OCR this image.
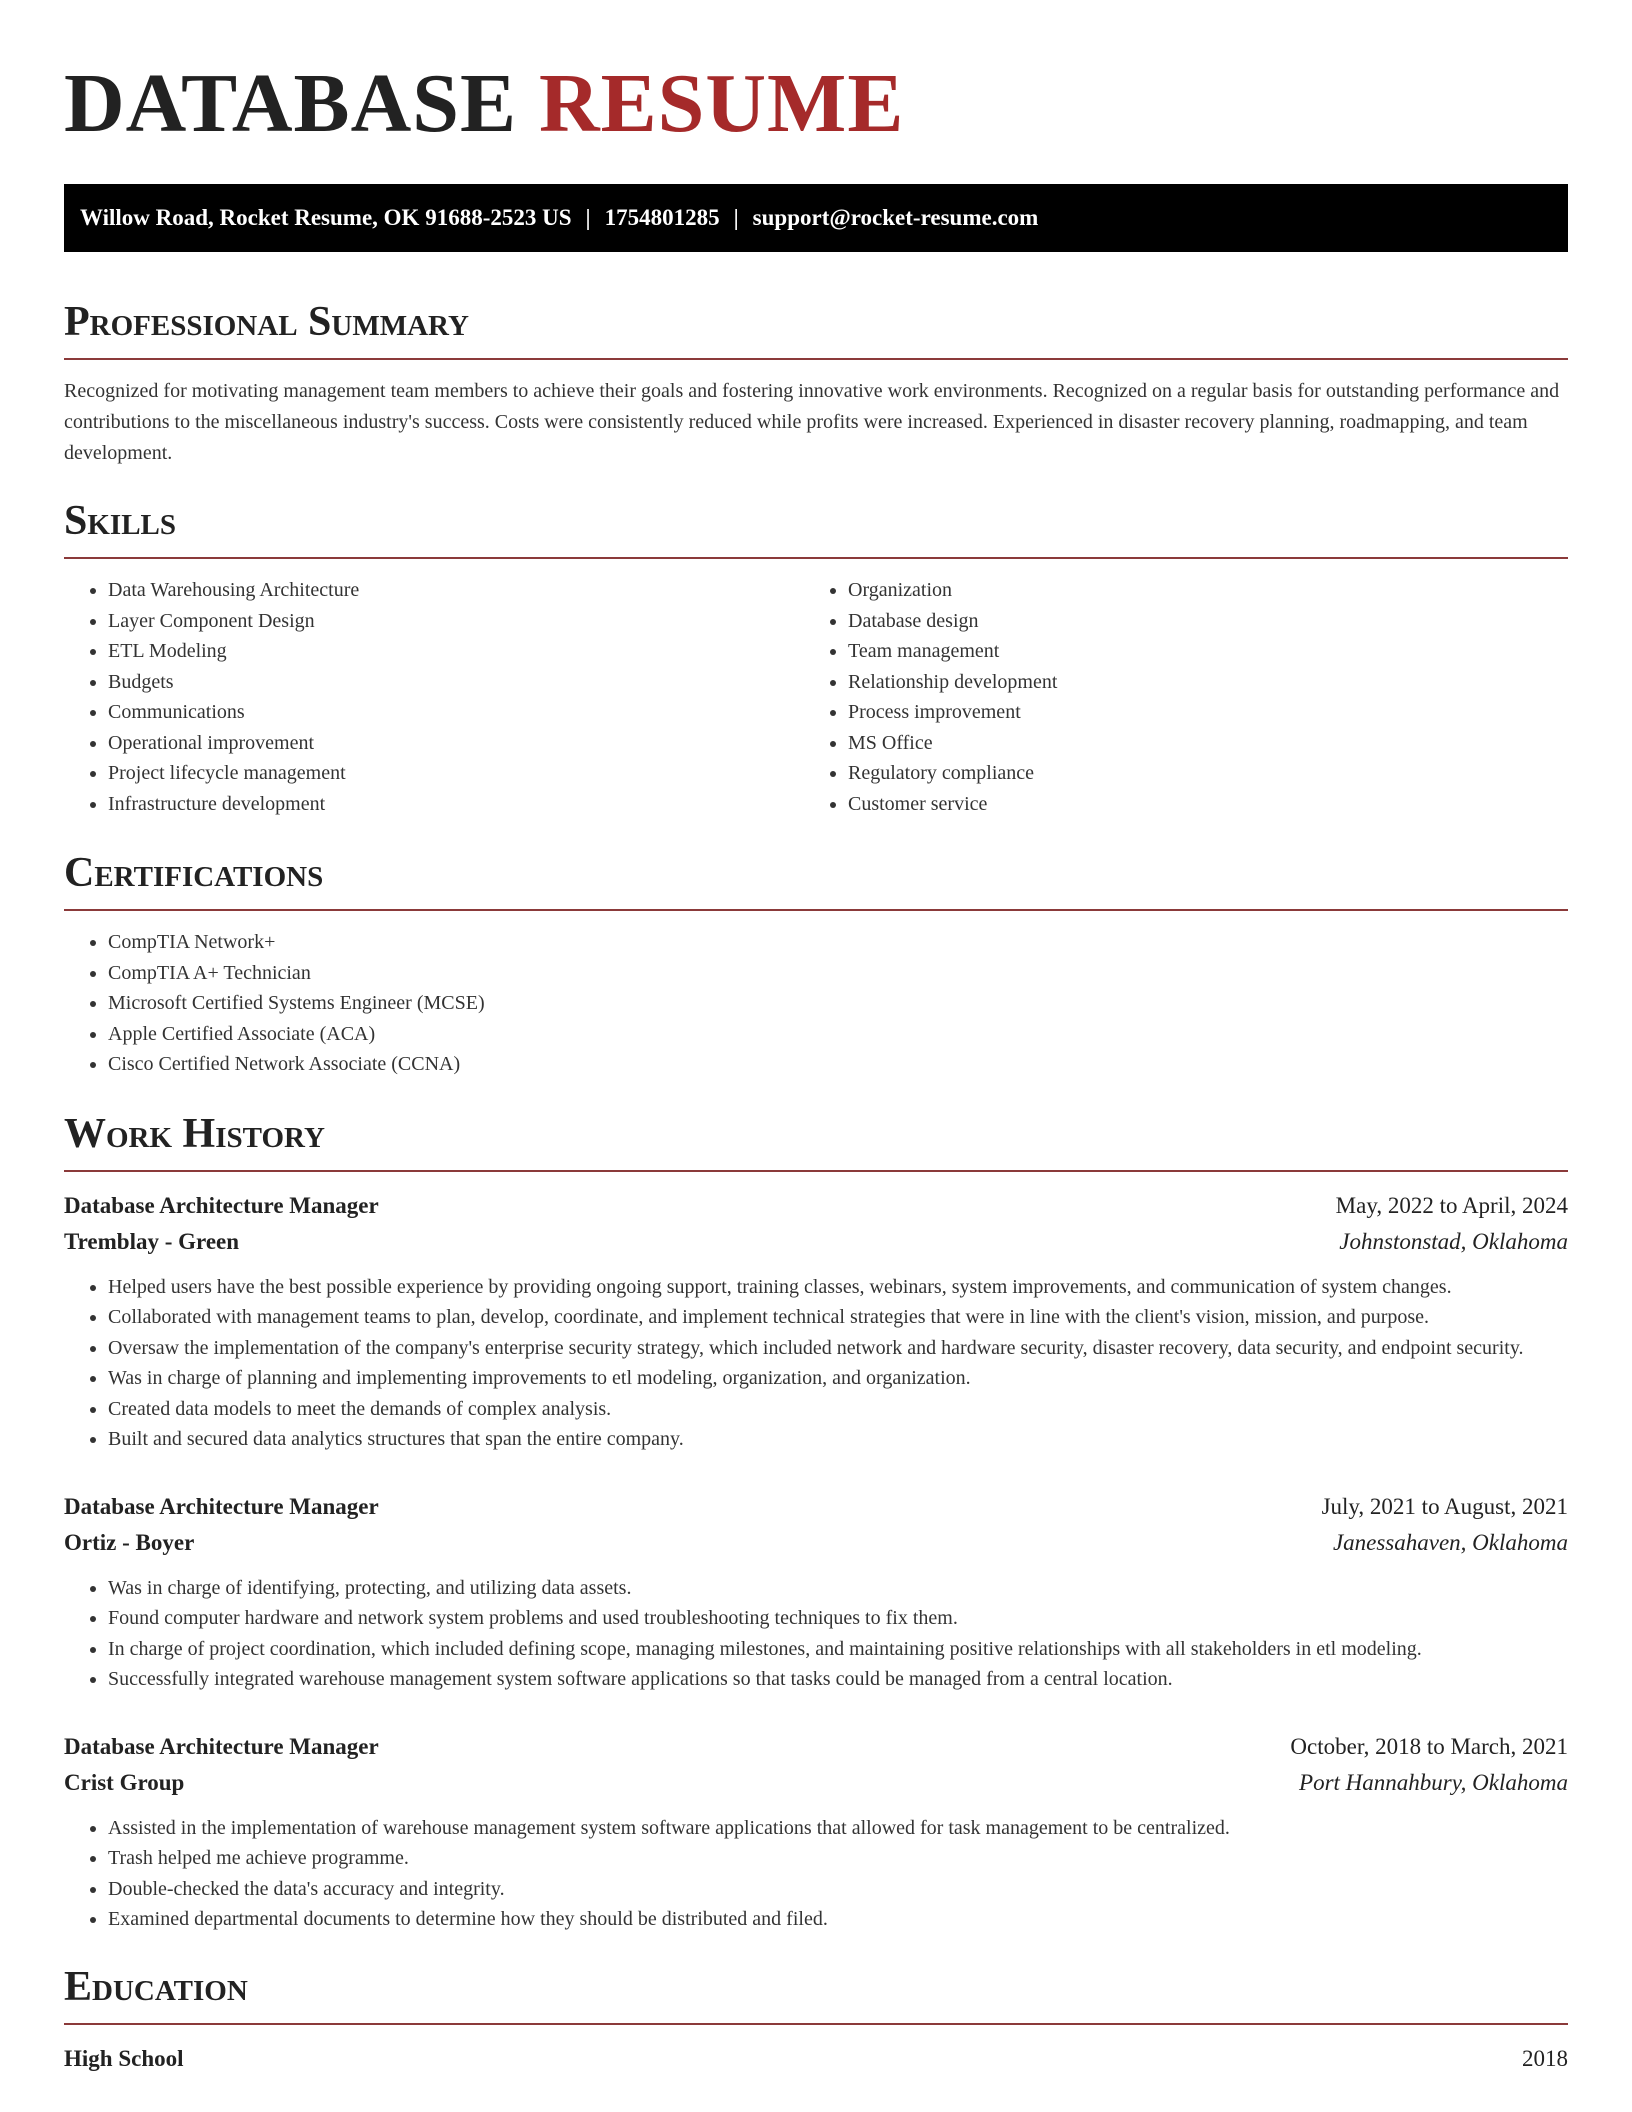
DATABASE RESUME
Willow Road, Rocket Resume, OK 91688-2523 US | 1754801285 | support@rocket-resume.com
Professional Summary

Recognized for motivating management team members to achieve their goals and fostering innovative work environments. Recognized on a regular basis for outstanding performance and contributions to the miscellaneous industry's success. Costs were consistently reduced while profits were increased. Experienced in disaster recovery planning, roadmapping, and team development.

Skills
• Data Warehousing Architecture
• Layer Component Design
• ETL Modeling
• Budgets
• Communications
• Operational improvement
• Project lifecycle management
• Infrastructure development
• Organization
• Database design
• Team management
• Relationship development
• Process improvement
• MS Office
• Regulatory compliance
• Customer service
Certifications
• CompTIA Network+
• CompTIA A+ Technician
• Microsoft Certified Systems Engineer (MCSE)
• Apple Certified Associate (ACA)
• Cisco Certified Network Associate (CCNA)
Work History
Database Architecture Manager	May, 2022 to April, 2024
Tremblay - Green	Johnstonstad, Oklahoma
• Helped users have the best possible experience by providing ongoing support, training classes, webinars, system improvements, and communication of system changes.
• Collaborated with management teams to plan, develop, coordinate, and implement technical strategies that were in line with the client's vision, mission, and purpose.
• Oversaw the implementation of the company's enterprise security strategy, which included network and hardware security, disaster recovery, data security, and endpoint security.
• Was in charge of planning and implementing improvements to etl modeling, organization, and organization.
• Created data models to meet the demands of complex analysis.
• Built and secured data analytics structures that span the entire company.
Database Architecture Manager	July, 2021 to August, 2021
Ortiz - Boyer	Janessahaven, Oklahoma
• Was in charge of identifying, protecting, and utilizing data assets.
• Found computer hardware and network system problems and used troubleshooting techniques to fix them.
• In charge of project coordination, which included defining scope, managing milestones, and maintaining positive relationships with all stakeholders in etl modeling.
• Successfully integrated warehouse management system software applications so that tasks could be managed from a central location.
Database Architecture Manager	October, 2018 to March, 2021
Crist Group	Port Hannahbury, Oklahoma
• Assisted in the implementation of warehouse management system software applications that allowed for task management to be centralized.
• Trash helped me achieve programme.
• Double-checked the data's accuracy and integrity.
• Examined departmental documents to determine how they should be distributed and filed.
Education
High School	2018
